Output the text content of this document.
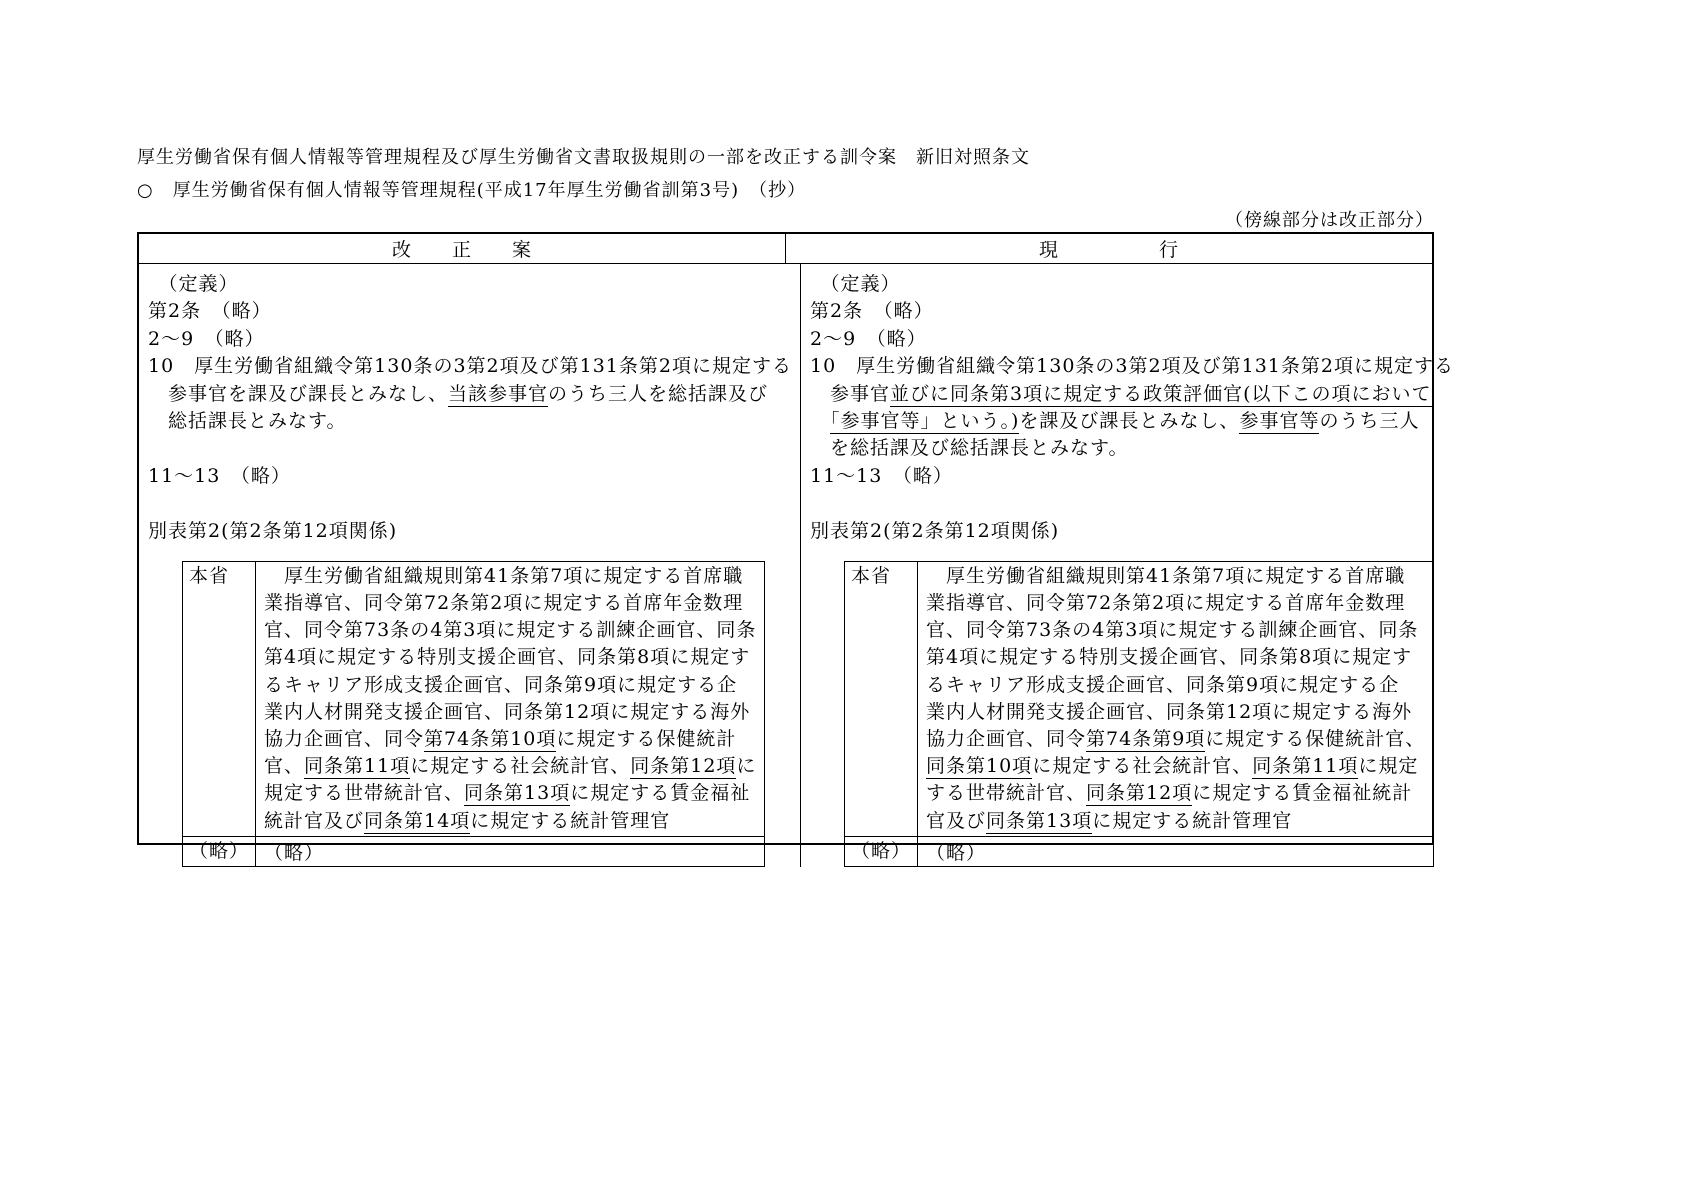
厚生労働省保有個人情報等管理規程及び厚生労働省文書取扱規則の一部を改正する訓令案　新旧対照条文
○　厚生労働省保有個人情報等管理規程(平成17年厚生労働省訓第3号)　（抄）
（傍線部分は改正部分）
改　　正　　案	現　　　　　行
　（定義）
第2条　（略）
2～9　（略）
10　厚生労働省組織令第130条の3第2項及び第131条第2項に規定する
　参事官を課及び課長とみなし、当該参事官のうち三人を総括課及び
　総括課長とみなす。
11～13　（略）
別表第2(第2条第12項関係)
本省	　厚生労働省組織規則第41条第7項に規定する首席職
業指導官、同令第72条第2項に規定する首席年金数理
官、同令第73条の4第3項に規定する訓練企画官、同条
第4項に規定する特別支援企画官、同条第8項に規定す
るキャリア形成支援企画官、同条第9項に規定する企
業内人材開発支援企画官、同条第12項に規定する海外
協力企画官、同令第74条第10項に規定する保健統計
官、同条第11項に規定する社会統計官、同条第12項に
規定する世帯統計官、同条第13項に規定する賃金福祉
統計官及び同条第14項に規定する統計管理官

（略）	（略）
　（定義）
第2条　（略）
2～9　（略）
10　厚生労働省組織令第130条の3第2項及び第131条第2項に規定する
　参事官並びに同条第3項に規定する政策評価官(以下この項において
　「参事官等」という。)を課及び課長とみなし、参事官等のうち三人
　を総括課及び総括課長とみなす。
11～13　（略）
別表第2(第2条第12項関係)
本省	　厚生労働省組織規則第41条第7項に規定する首席職
業指導官、同令第72条第2項に規定する首席年金数理
官、同令第73条の4第3項に規定する訓練企画官、同条
第4項に規定する特別支援企画官、同条第8項に規定す
るキャリア形成支援企画官、同条第9項に規定する企
業内人材開発支援企画官、同条第12項に規定する海外
協力企画官、同令第74条第9項に規定する保健統計官、
同条第10項に規定する社会統計官、同条第11項に規定
する世帯統計官、同条第12項に規定する賃金福祉統計
官及び同条第13項に規定する統計管理官

（略）	（略）
